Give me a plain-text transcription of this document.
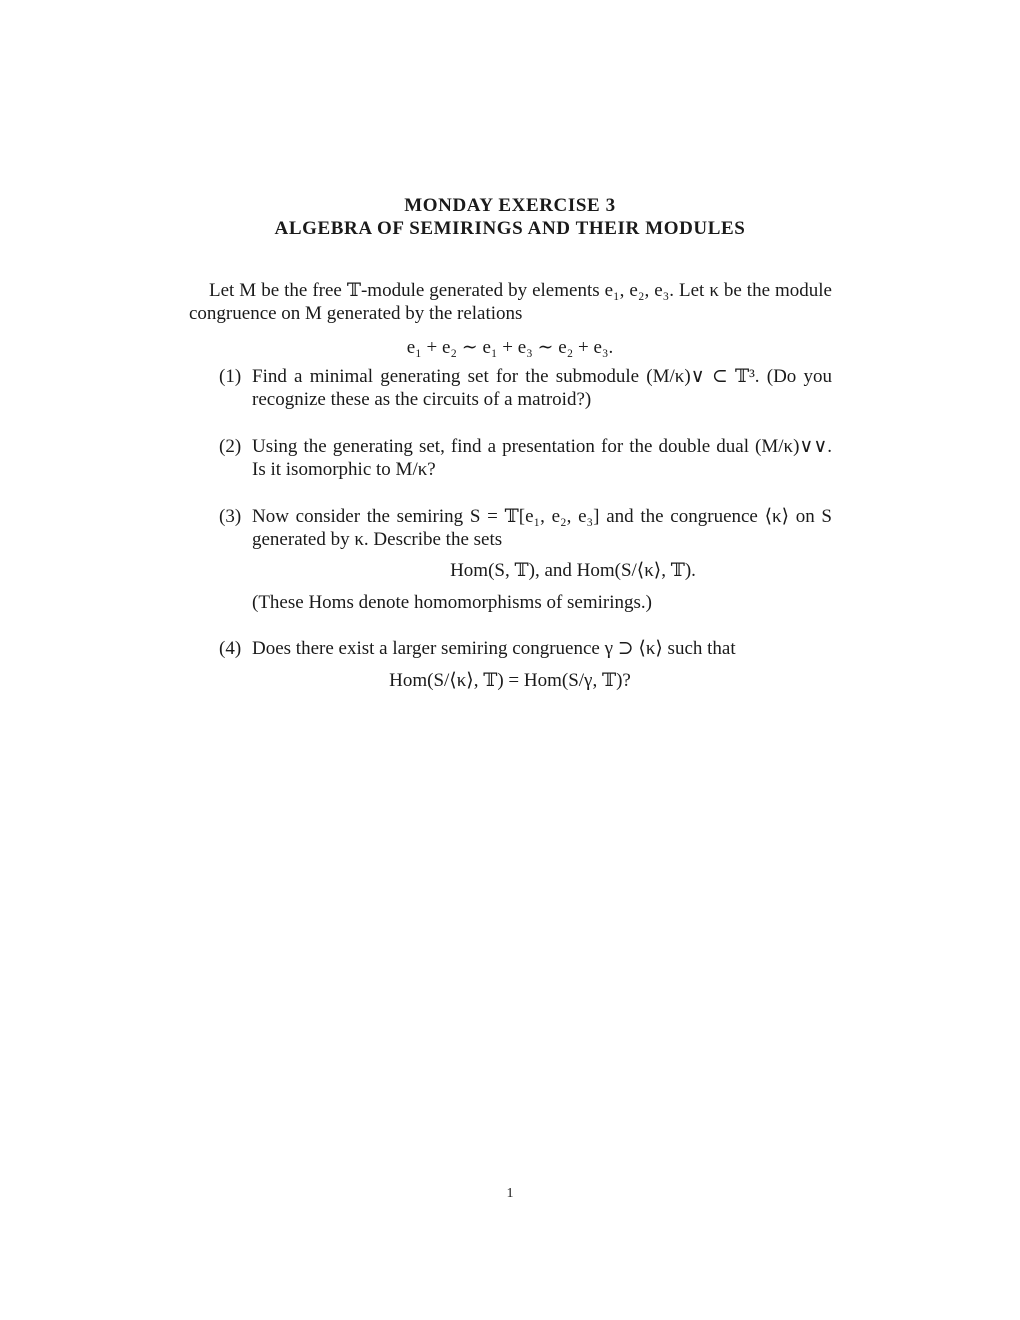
MONDAY EXERCISE 3
ALGEBRA OF SEMIRINGS AND THEIR MODULES
Let M be the free 𝕋-module generated by elements e₁, e₂, e₃. Let κ be the module congruence on M generated by the relations
e₁ + e₂ ∼ e₁ + e₃ ∼ e₂ + e₃.
(1) Find a minimal generating set for the submodule (M/κ)∨ ⊂ 𝕋³. (Do you recognize these as the circuits of a matroid?)
(2) Using the generating set, find a presentation for the double dual (M/κ)∨∨. Is it isomorphic to M/κ?
(3) Now consider the semiring S = 𝕋[e₁, e₂, e₃] and the congruence ⟨κ⟩ on S generated by κ. Describe the sets
Hom(S, 𝕋), and Hom(S/⟨κ⟩, 𝕋).
(These Homs denote homomorphisms of semirings.)
(4) Does there exist a larger semiring congruence γ ⊃ ⟨κ⟩ such that
Hom(S/⟨κ⟩, 𝕋) = Hom(S/γ, 𝕋)?
1
